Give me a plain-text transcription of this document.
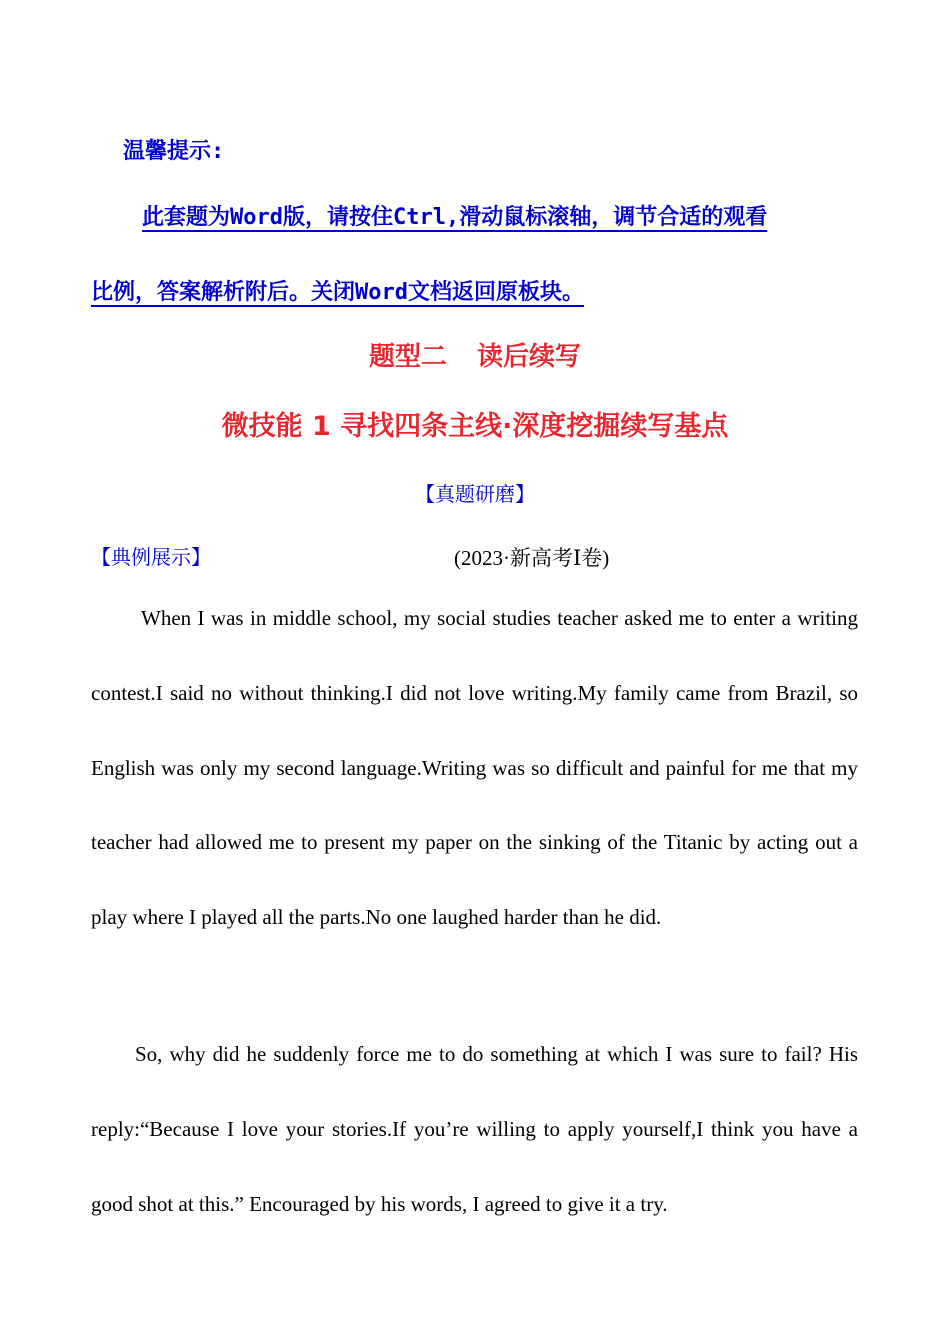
温馨提示:
此套题为Word版，请按住Ctrl,滑动鼠标滚轴，调节合适的观看
比例，答案解析附后。关闭Word文档返回原板块。
题型二 读后续写
微技能 1 寻找四条主线·深度挖掘续写基点
【真题研磨】
【典例展示】	(2023·新高考Ⅰ卷)
When I was in middle school, my social studies teacher asked me to enter a writing contest.I said no without thinking.I did not love writing.My family came from Brazil, so English was only my second language.Writing was so difficult and painful for me that my teacher had allowed me to present my paper on the sinking of the Titanic by acting out a play where I played all the parts.No one laughed harder than he did.
So, why did he suddenly force me to do something at which I was sure to fail? His reply:“Because I love your stories.If you’re willing to apply yourself,I think you have a good shot at this.” Encouraged by his words, I agreed to give it a try.
